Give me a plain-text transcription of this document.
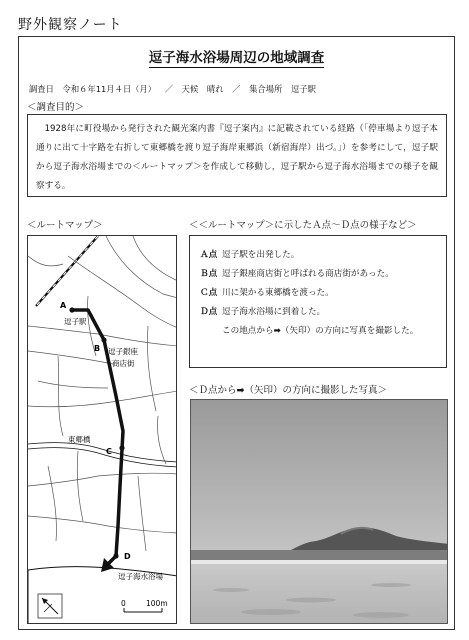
野外観察ノート
逗子海水浴場周辺の地域調査
調査日 令和６年11月４日（月） ／ 天候 晴れ ／ 集合場所 逗子駅
＜調査目的＞
1928年に町役場から発行された観光案内書『逗子案内』に記載されている経路（「停車場より逗子本通りに出て十字路を右折して東郷橋を渡り逗子海岸東郷浜（新宿海岸）出づ。」）を参考にして，逗子駅から逗子海水浴場までの＜ルートマップ＞を作成して移動し，逗子駅から逗子海水浴場までの様子を観察する。
＜ルートマップ＞
A
逗子駅
B 逗子銀座
商店街
東郷橋
C
D
逗子海水浴場
0	100m
＜＜ルートマップ＞に示したＡ点～Ｄ点の様子など＞
Ａ点 逗子駅を出発した。
Ｂ点 逗子銀座商店街と呼ばれる商店街があった。
Ｃ点 川に架かる東郷橋を渡った。
Ｄ点 逗子海水浴場に到着した。
この地点から➡（矢印）の方向に写真を撮影した。
＜Ｄ点から➡（矢印）の方向に撮影した写真＞
